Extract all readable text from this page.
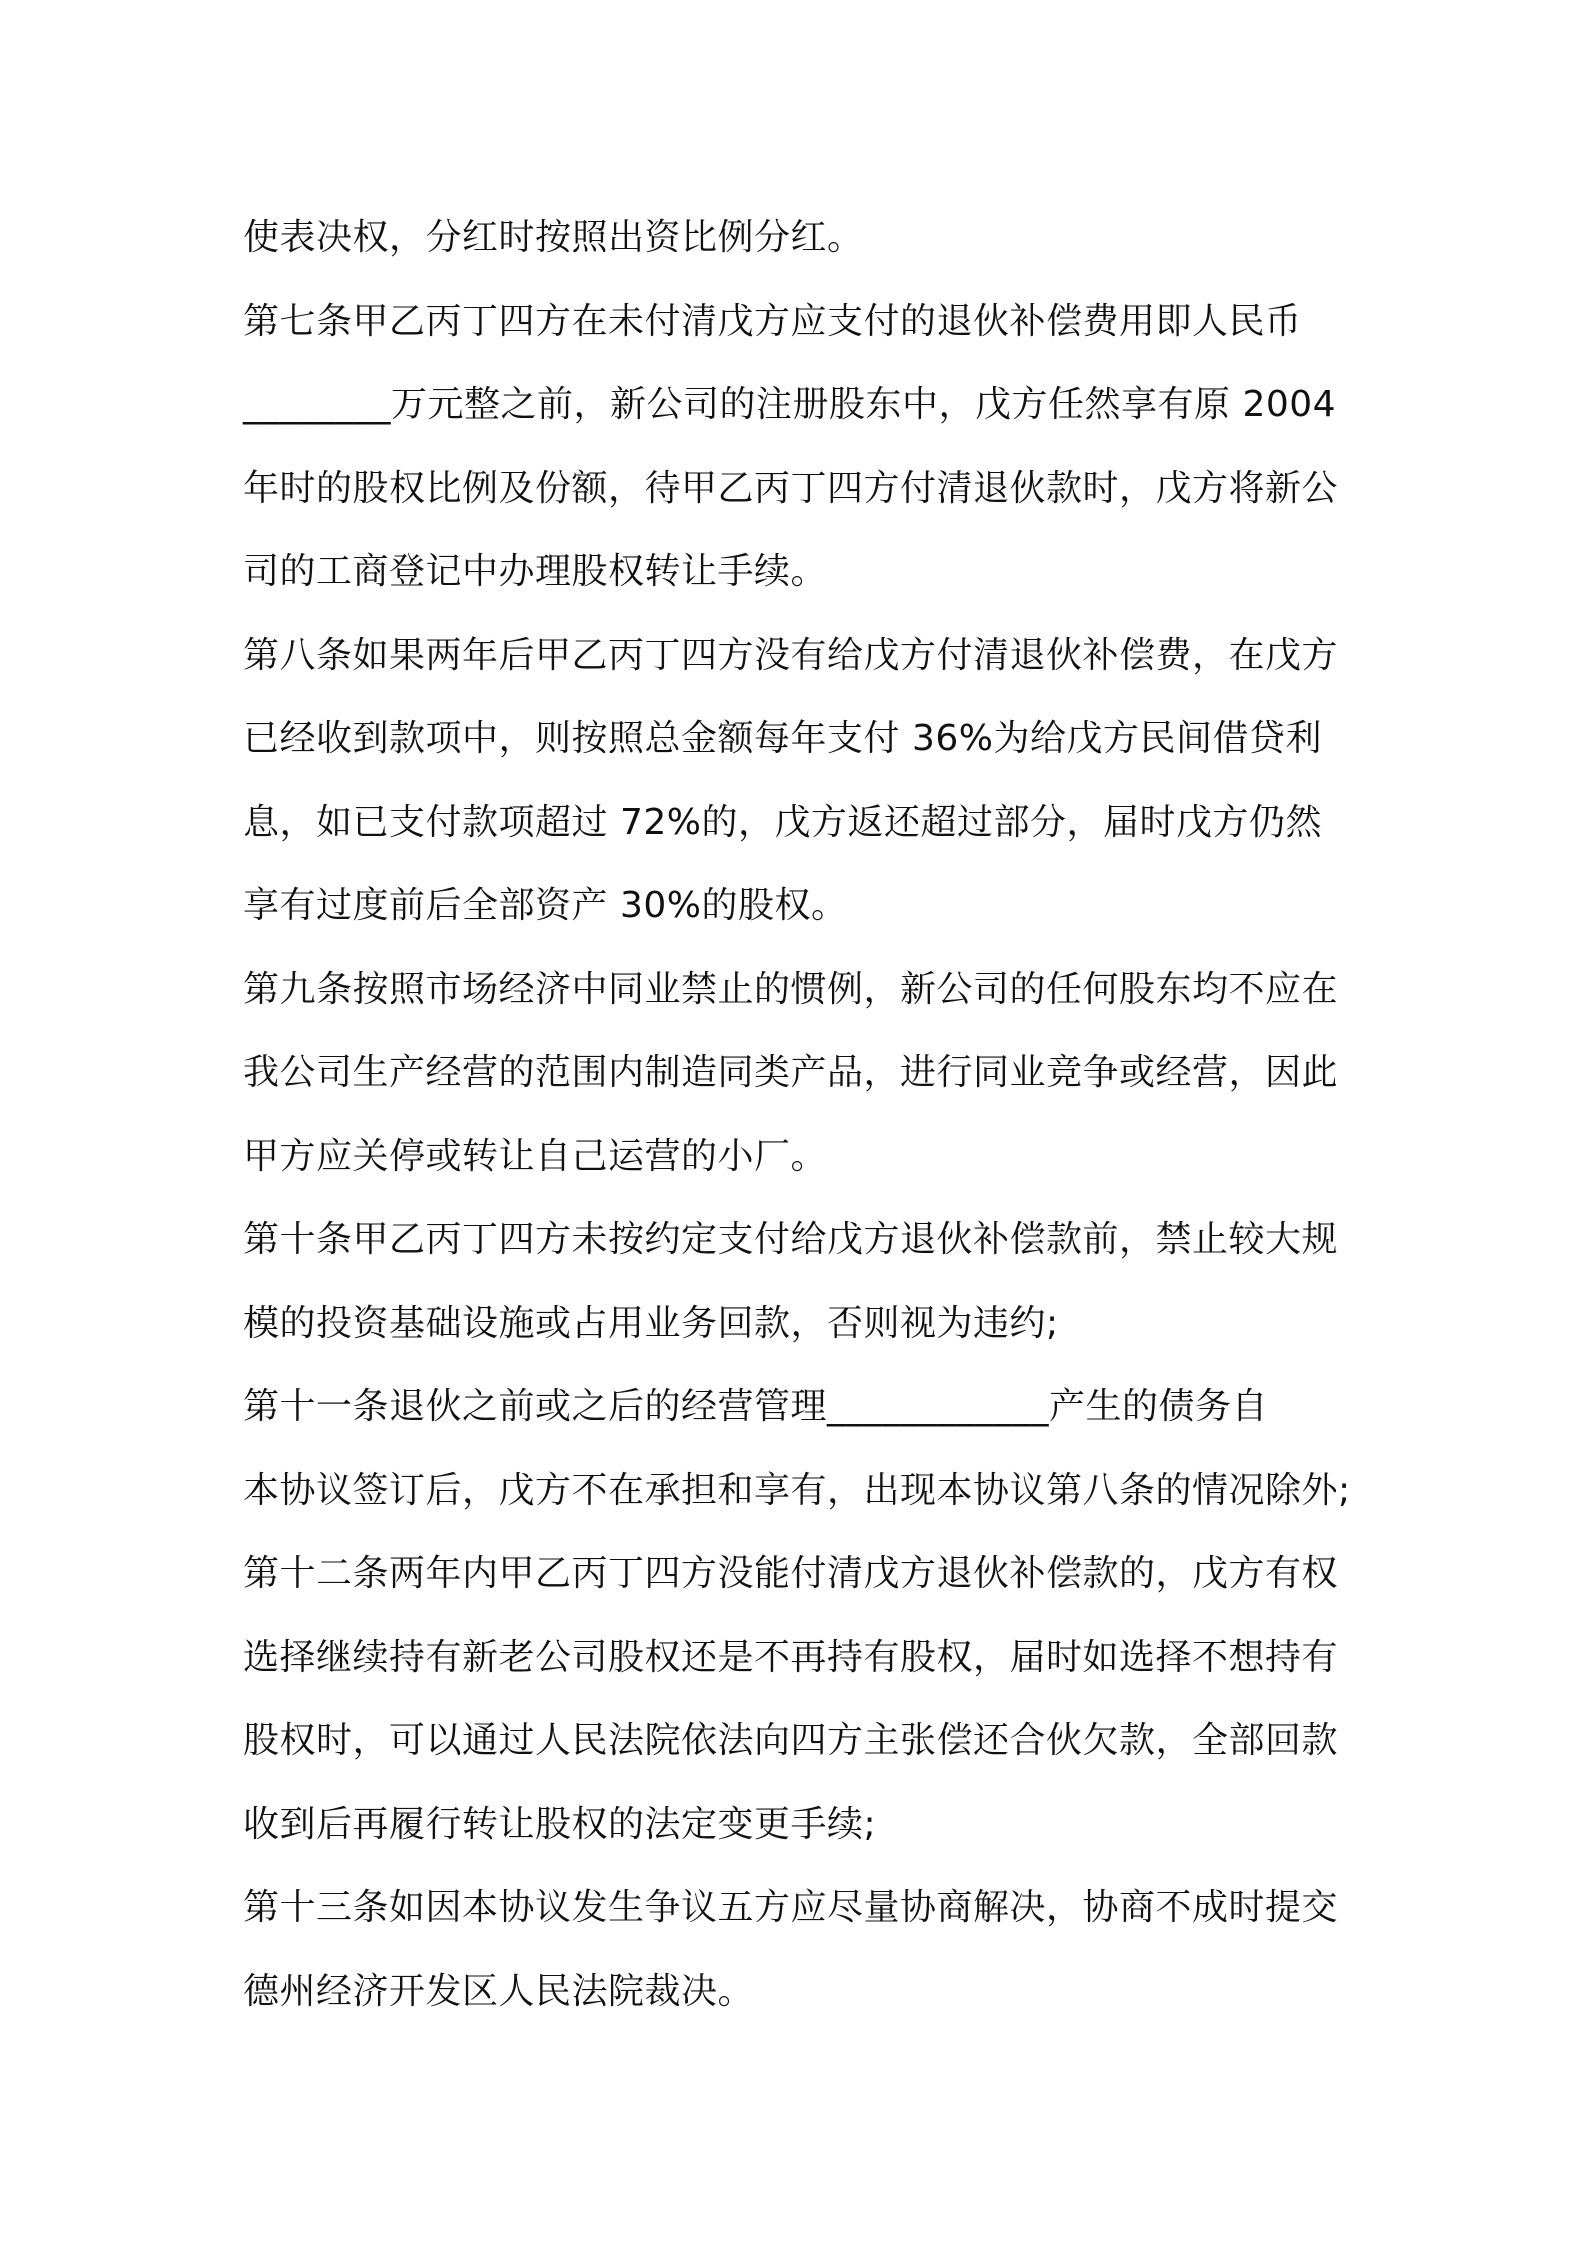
使表决权，分红时按照出资比例分红。
第七条甲乙丙丁四方在未付清戊方应支付的退伙补偿费用即人民币
________万元整之前，新公司的注册股东中，戊方任然享有原 2004
年时的股权比例及份额，待甲乙丙丁四方付清退伙款时，戊方将新公
司的工商登记中办理股权转让手续。
第八条如果两年后甲乙丙丁四方没有给戊方付清退伙补偿费，在戊方
已经收到款项中，则按照总金额每年支付 36%为给戊方民间借贷利
息，如已支付款项超过 72%的，戊方返还超过部分，届时戊方仍然
享有过度前后全部资产 30%的股权。
第九条按照市场经济中同业禁止的惯例，新公司的任何股东均不应在
我公司生产经营的范围内制造同类产品，进行同业竞争或经营，因此
甲方应关停或转让自己运营的小厂。
第十条甲乙丙丁四方未按约定支付给戊方退伙补偿款前，禁止较大规
模的投资基础设施或占用业务回款，否则视为违约;
第十一条退伙之前或之后的经营管理____________产生的债务自
本协议签订后，戊方不在承担和享有，出现本协议第八条的情况除外;
第十二条两年内甲乙丙丁四方没能付清戊方退伙补偿款的，戊方有权
选择继续持有新老公司股权还是不再持有股权，届时如选择不想持有
股权时，可以通过人民法院依法向四方主张偿还合伙欠款，全部回款
收到后再履行转让股权的法定变更手续;
第十三条如因本协议发生争议五方应尽量协商解决，协商不成时提交
德州经济开发区人民法院裁决。
